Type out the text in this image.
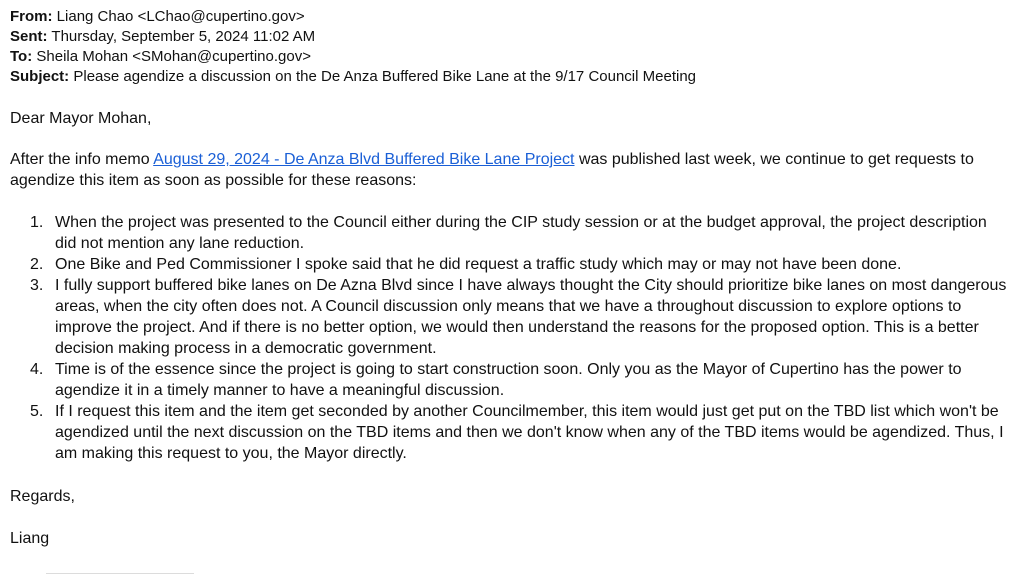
From: Liang Chao <LChao@cupertino.gov>
Sent: Thursday, September 5, 2024 11:02 AM
To: Sheila Mohan <SMohan@cupertino.gov>
Subject: Please agendize a discussion on the De Anza Buffered Bike Lane at the 9/17 Council Meeting

Dear Mayor Mohan,

After the info memo August 29, 2024 - De Anza Blvd Buffered Bike Lane Project was published last week, we continue to get requests to agendize this item as soon as possible for these reasons:

1. When the project was presented to the Council either during the CIP study session or at the budget approval, the project description did not mention any lane reduction.
2. One Bike and Ped Commissioner I spoke said that he did request a traffic study which may or may not have been done.
3. I fully support buffered bike lanes on De Azna Blvd since I have always thought the City should prioritize bike lanes on most dangerous areas, when the city often does not. A Council discussion only means that we have a throughout discussion to explore options to improve the project. And if there is no better option, we would then understand the reasons for the proposed option. This is a better decision making process in a democratic government.
4. Time is of the essence since the project is going to start construction soon. Only you as the Mayor of Cupertino has the power to agendize it in a timely manner to have a meaningful discussion.
5. If I request this item and the item get seconded by another Councilmember, this item would just get put on the TBD list which won't be agendized until the next discussion on the TBD items and then we don't know when any of the TBD items would be agendized. Thus, I am making this request to you, the Mayor directly.

Regards,

Liang
